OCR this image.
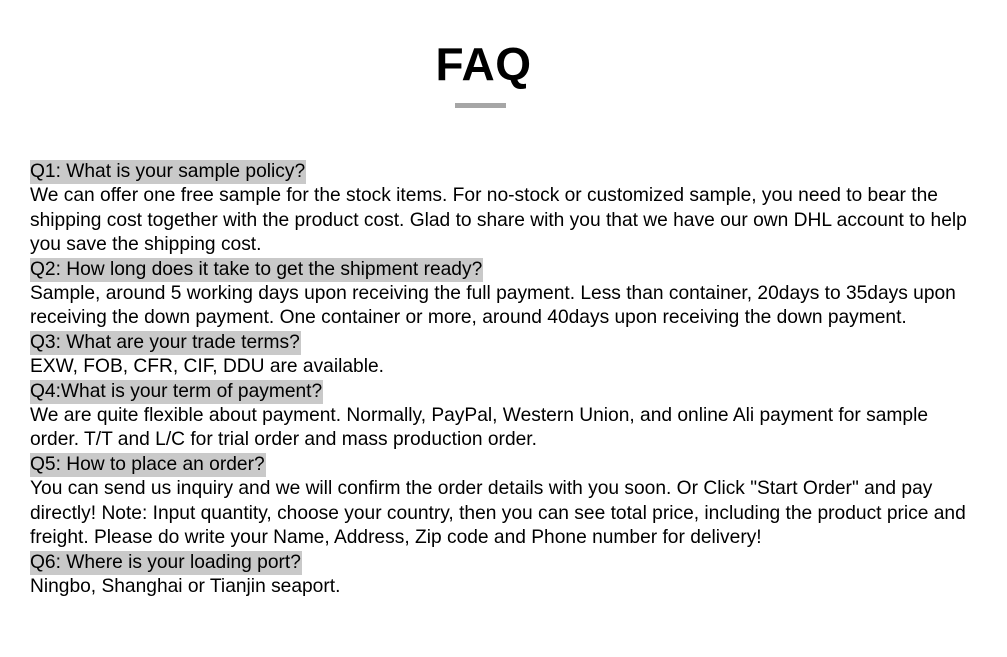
FAQ
Q1: What is your sample policy?

We can offer one free sample for the stock items. For no-stock or customized sample, you need to bear the shipping cost together with the product cost. Glad to share with you that we have our own DHL account to help you save the shipping cost.

Q2: How long does it take to get the shipment ready?

Sample, around 5 working days upon receiving the full payment. Less than container, 20days to 35days upon receiving the down payment. One container or more, around 40days upon receiving the down payment.

Q3: What are your trade terms?

EXW, FOB, CFR, CIF, DDU are available.

Q4:What is your term of payment?

We are quite flexible about payment. Normally, PayPal, Western Union, and online Ali payment for sample order. T/T and L/C for trial order and mass production order.

Q5: How to place an order?

You can send us inquiry and we will confirm the order details with you soon. Or Click "Start Order" and pay directly! Note: Input quantity, choose your country, then you can see total price, including the product price and freight. Please do write your Name, Address, Zip code and Phone number for delivery!

Q6: Where is your loading port?

Ningbo, Shanghai or Tianjin seaport.
